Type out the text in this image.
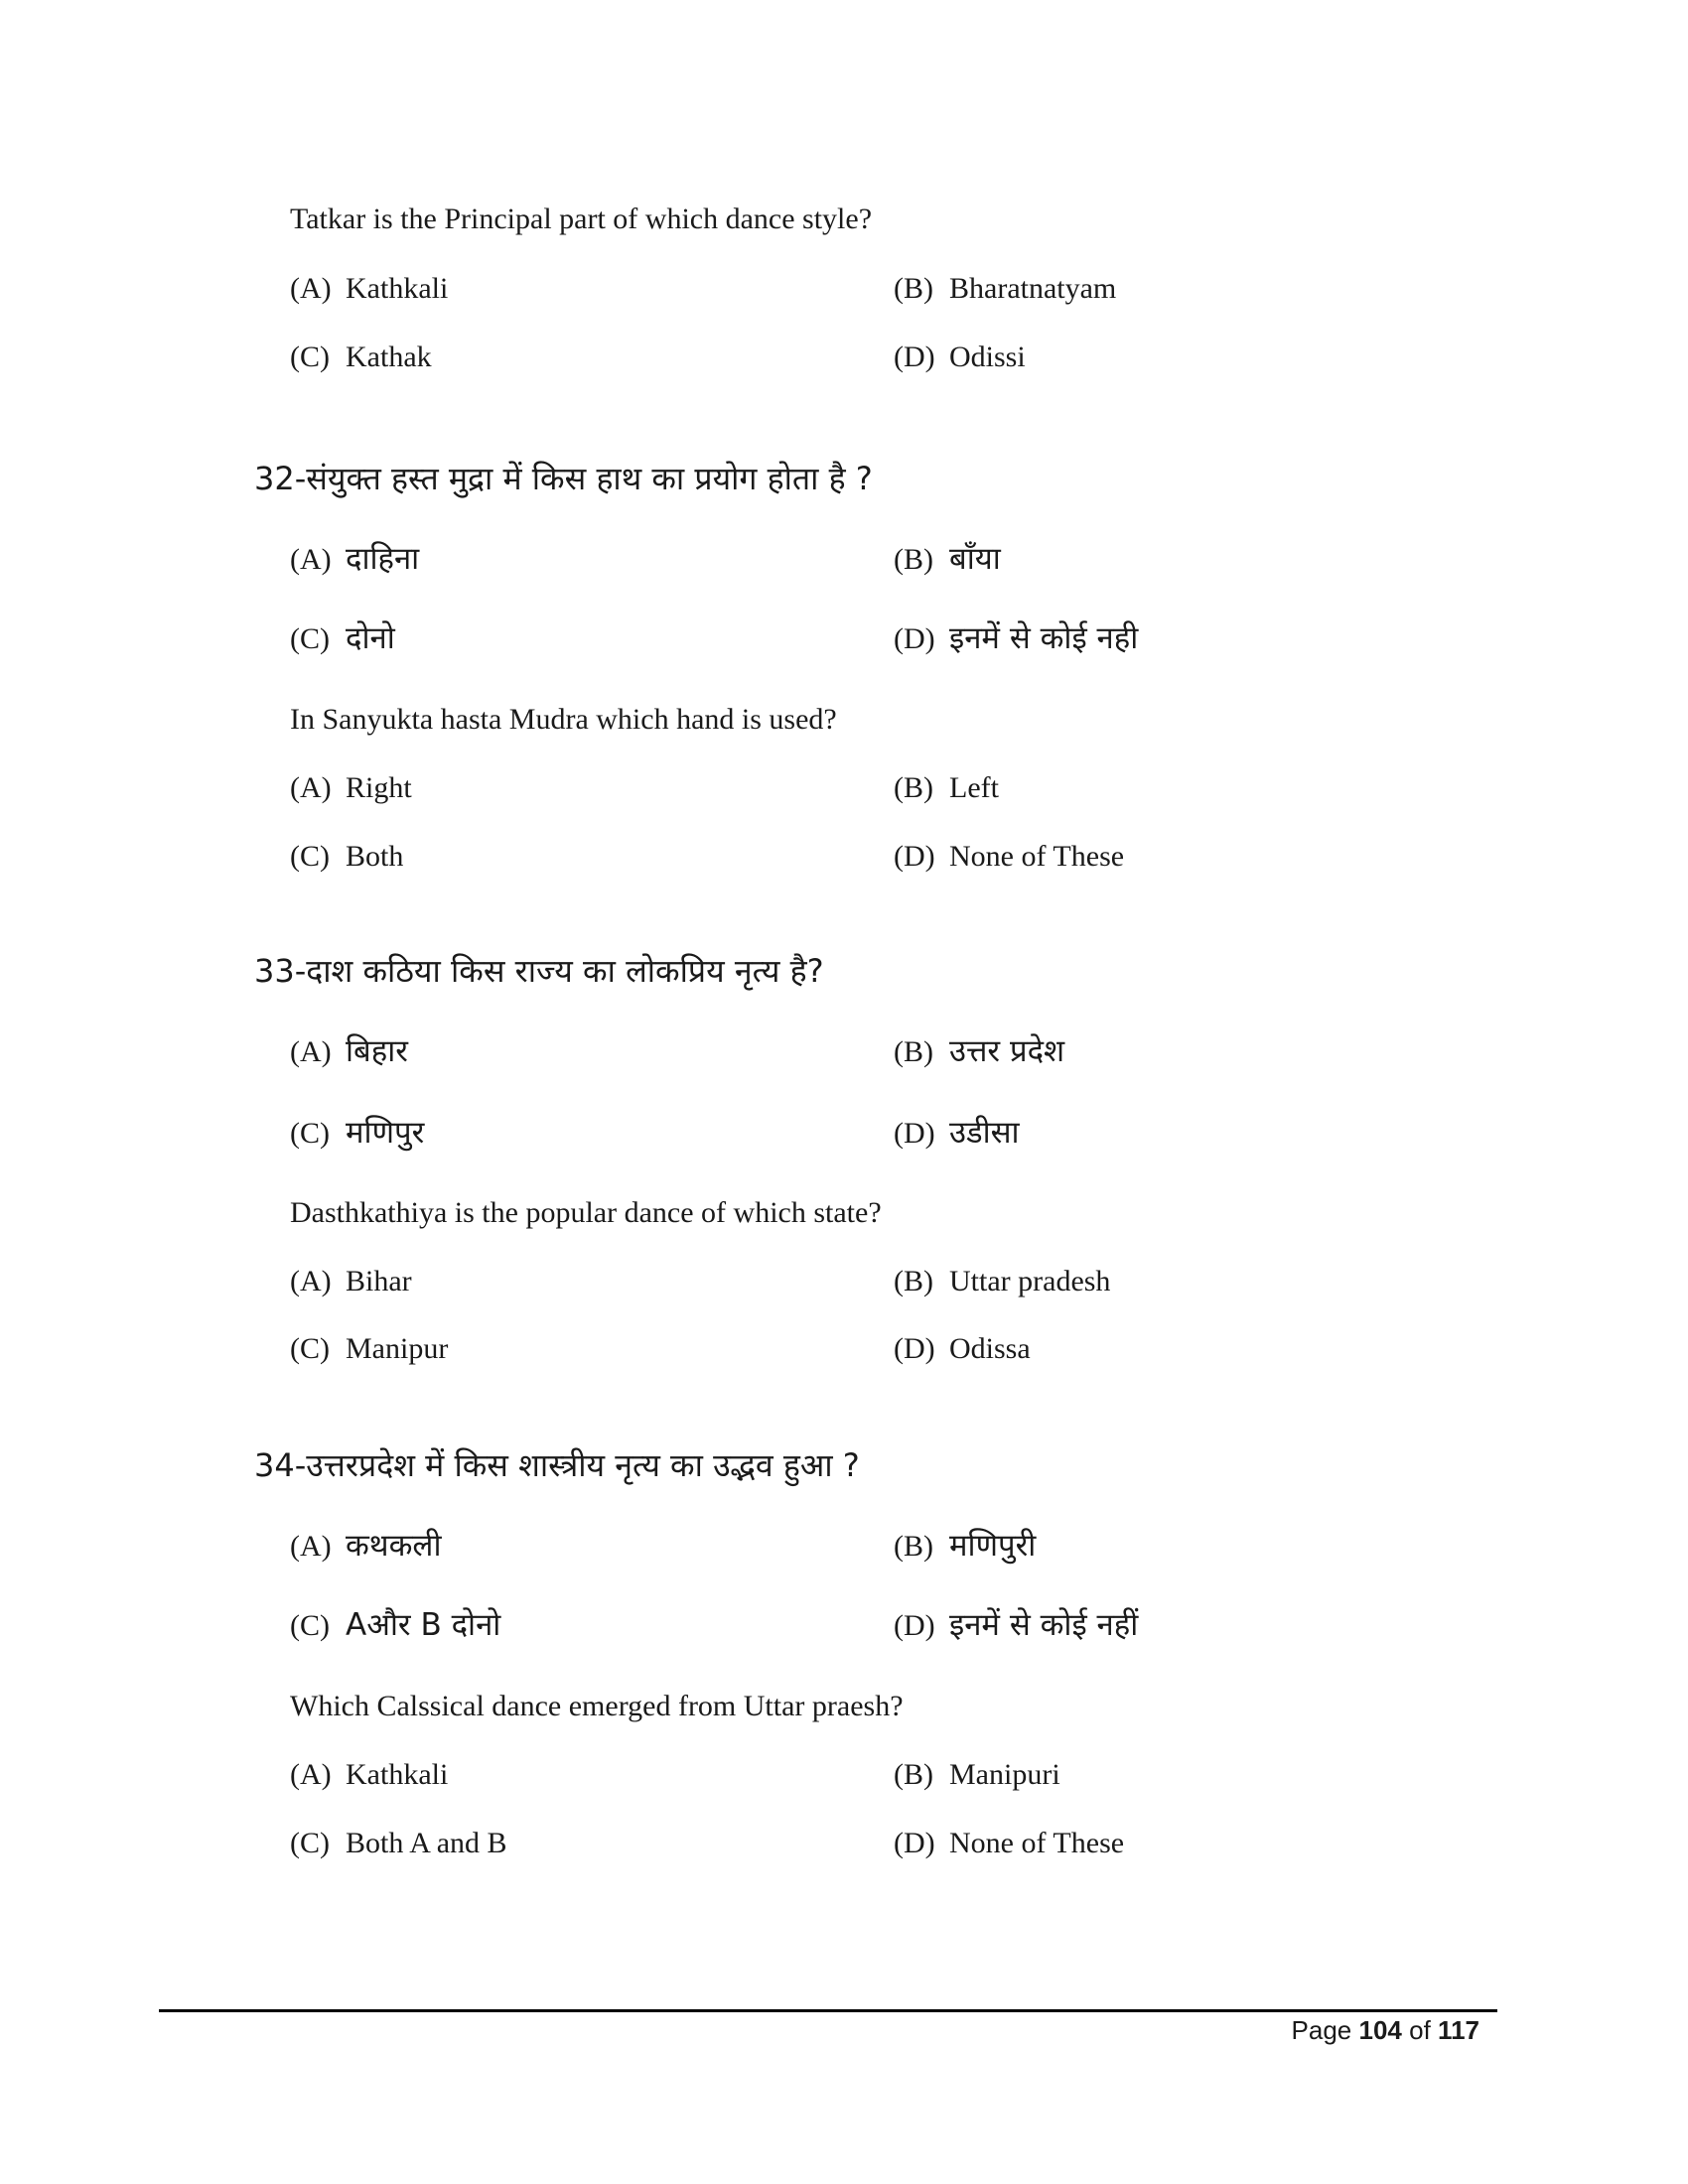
Tatkar is the Principal part of which dance style?
(A) Kathkali	(B) Bharatnatyam
(C) Kathak	(D) Odissi
32-संयुक्त हस्त मुद्रा में किस हाथ का प्रयोग होता है ?
(A) दाहिना	(B) बाँया
(C) दोनो	(D) इनमें से कोई नही
In Sanyukta hasta Mudra which hand is used?
(A) Right	(B) Left
(C) Both	(D) None of These
33-दाश कठिया किस राज्य का लोकप्रिय नृत्य है?
(A) बिहार	(B) उत्तर प्रदेश
(C) मणिपुर	(D) उडीसा
Dasthkathiya is the popular dance of which state?
(A) Bihar	(B) Uttar pradesh
(C) Manipur	(D) Odissa
34-उत्तरप्रदेश में किस शास्त्रीय नृत्य का उद्भव हुआ ?
(A) कथकली	(B) मणिपुरी
(C) Aऔर B दोनो	(D) इनमें से कोई नहीं
Which Calssical dance emerged from Uttar praesh?
(A) Kathkali	(B) Manipuri
(C) Both A and B	(D) None of These
Page 104 of 117
